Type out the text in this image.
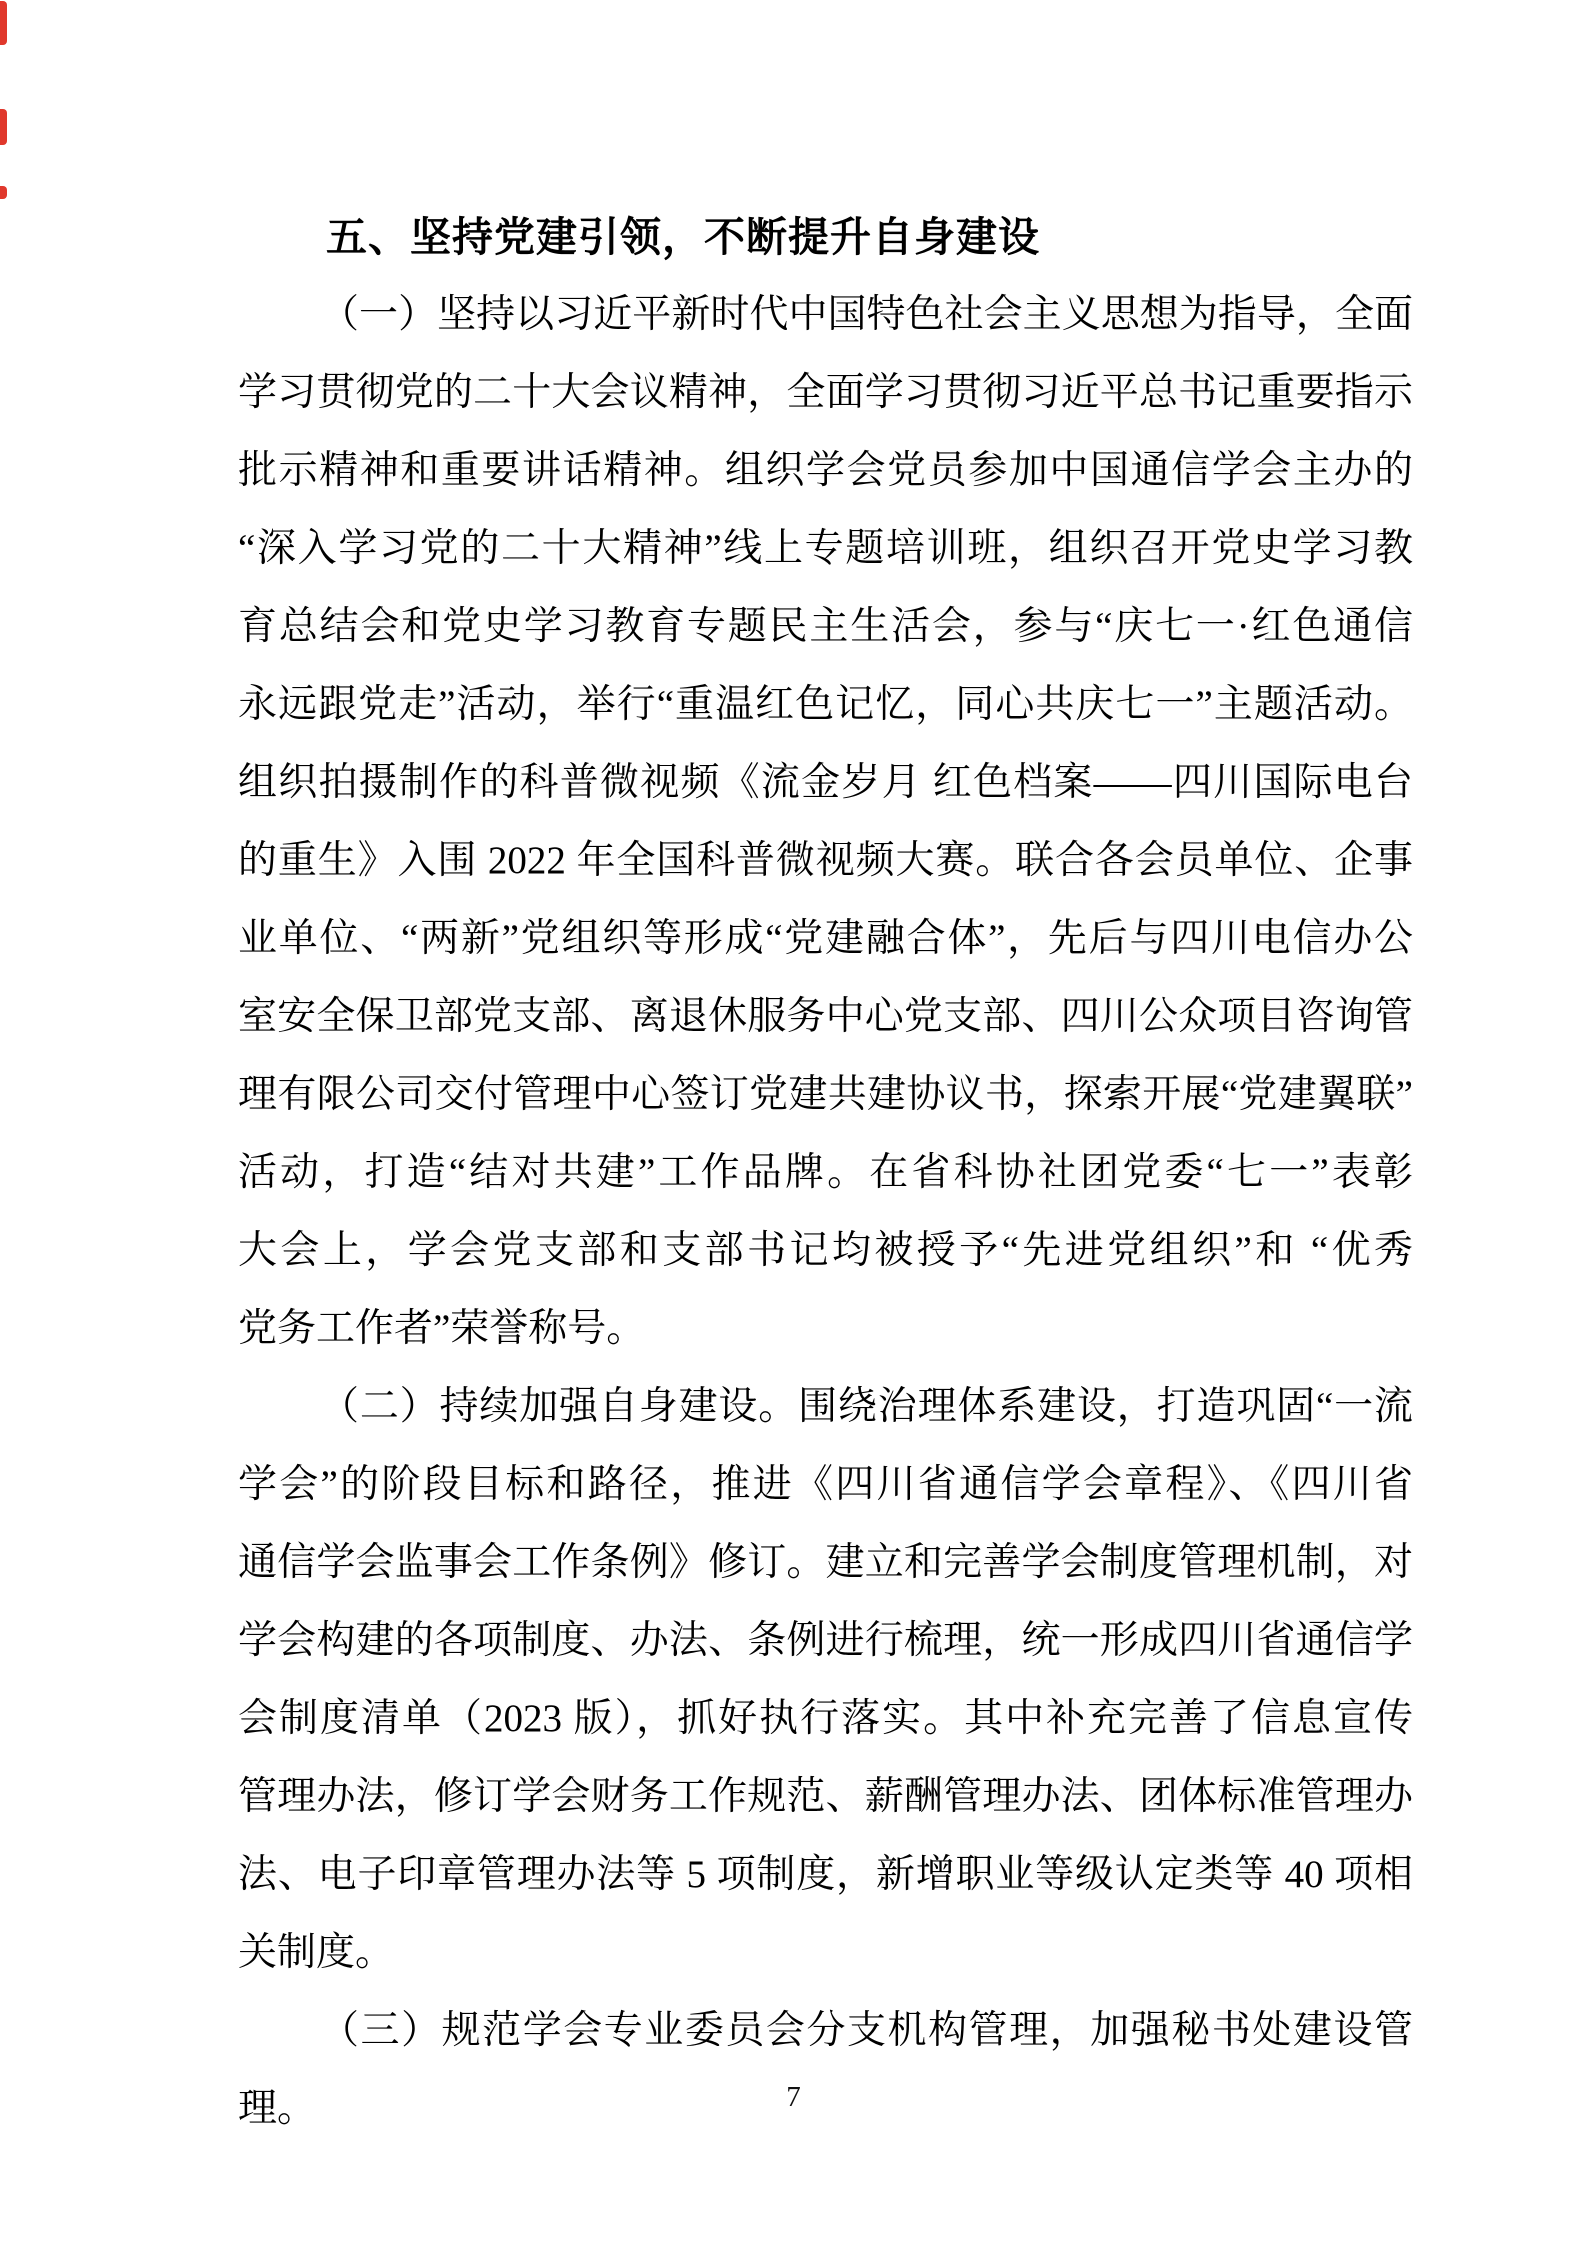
五、坚持党建引领，不断提升自身建设
（一）坚持以习近平新时代中国特色社会主义思想为指导，全面
学习贯彻党的二十大会议精神，全面学习贯彻习近平总书记重要指示
批示精神和重要讲话精神。组织学会党员参加中国通信学会主办的
“深入学习党的二十大精神”线上专题培训班，组织召开党史学习教
育总结会和党史学习教育专题民主生活会，参与“庆七一·红色通信
永远跟党走”活动，举行“重温红色记忆，同心共庆七一”主题活动。
组织拍摄制作的科普微视频《流金岁月 红色档案——四川国际电台
的重生》入围 2022 年全国科普微视频大赛。联合各会员单位、企事
业单位、“两新”党组织等形成“党建融合体”，先后与四川电信办公
室安全保卫部党支部、离退休服务中心党支部、四川公众项目咨询管
理有限公司交付管理中心签订党建共建协议书，探索开展“党建翼联”
活动，打造“结对共建”工作品牌。在省科协社团党委“七一”表彰
大会上，学会党支部和支部书记均被授予“先进党组织”和 “优秀
党务工作者”荣誉称号。
（二）持续加强自身建设。围绕治理体系建设，打造巩固“一流
学会”的阶段目标和路径，推进《四川省通信学会章程》、《四川省
通信学会监事会工作条例》修订。建立和完善学会制度管理机制，对
学会构建的各项制度、办法、条例进行梳理，统一形成四川省通信学
会制度清单（2023 版），抓好执行落实。其中补充完善了信息宣传
管理办法，修订学会财务工作规范、薪酬管理办法、团体标准管理办
法、电子印章管理办法等 5 项制度，新增职业等级认定类等 40 项相
关制度。
（三）规范学会专业委员会分支机构管理，加强秘书处建设管理。	7
